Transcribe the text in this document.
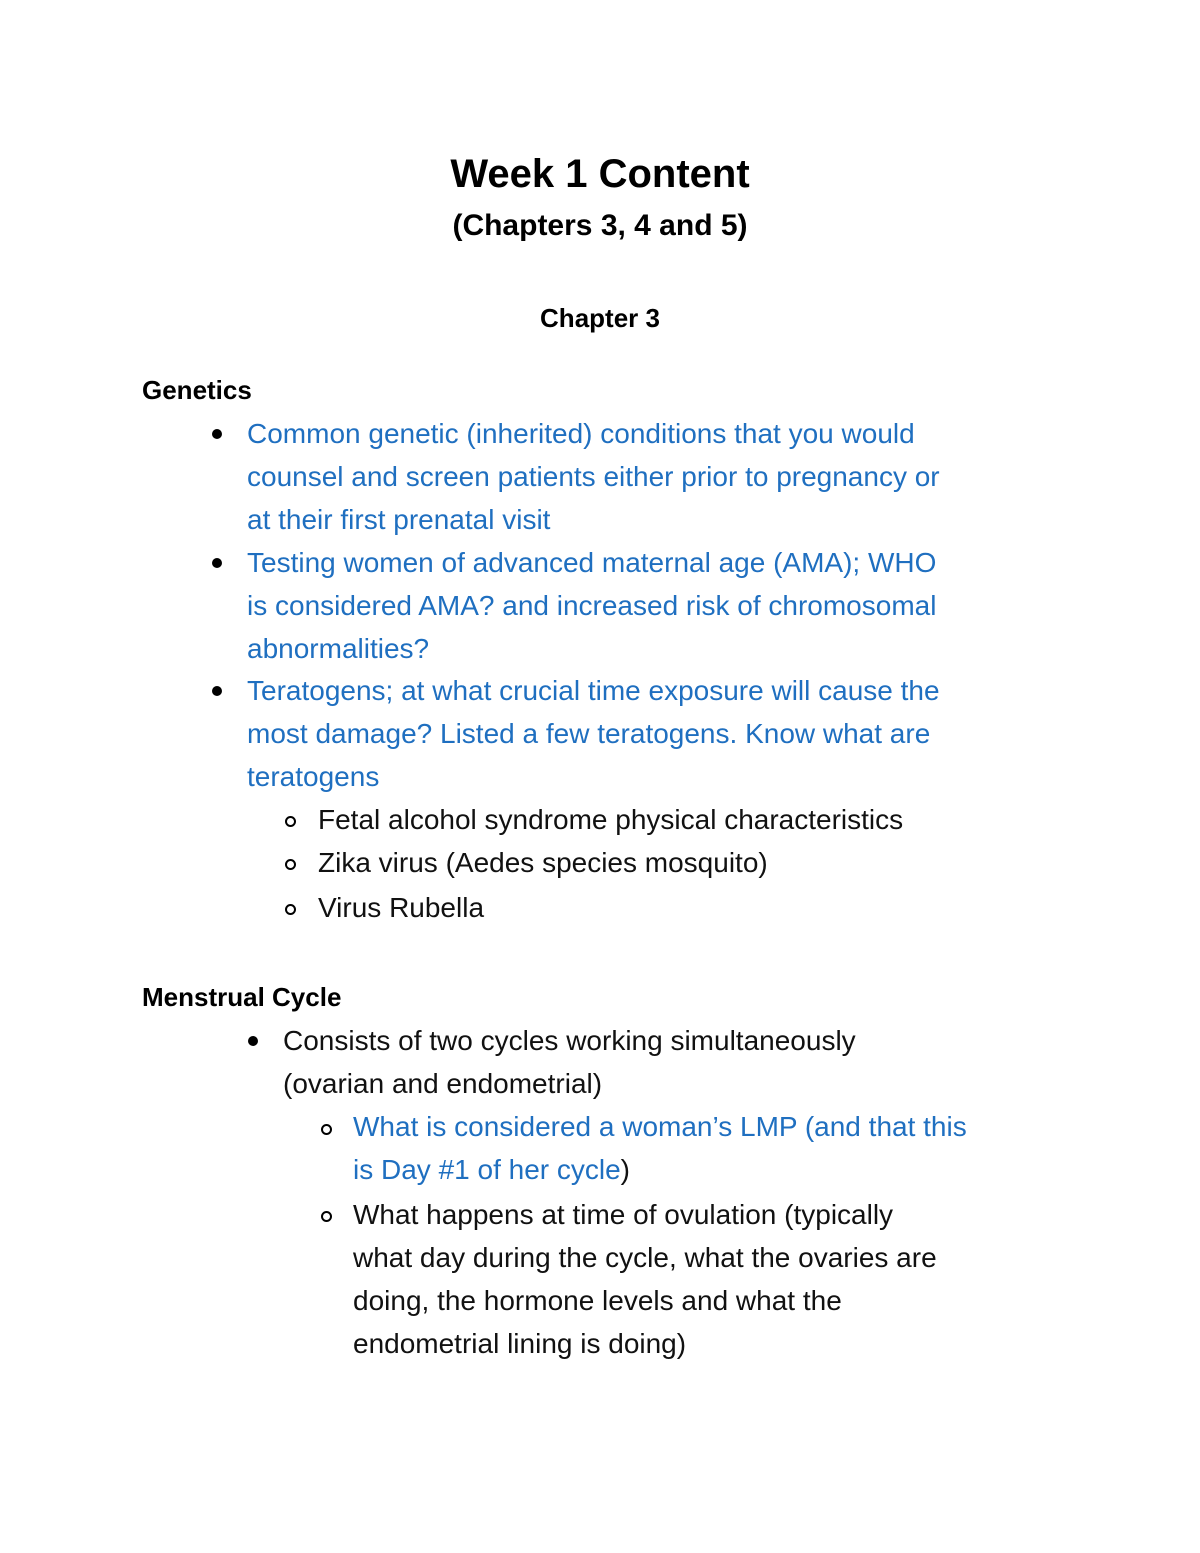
Week 1 Content
(Chapters 3, 4 and 5)
Chapter 3
Genetics
Common genetic (inherited) conditions that you would
counsel and screen patients either prior to pregnancy or
at their first prenatal visit
Testing women of advanced maternal age (AMA); WHO
is considered AMA? and increased risk of chromosomal
abnormalities?
Teratogens; at what crucial time exposure will cause the
most damage? Listed a few teratogens. Know what are
teratogens
Fetal alcohol syndrome physical characteristics
Zika virus (Aedes species mosquito)
Virus Rubella
Menstrual Cycle
Consists of two cycles working simultaneously
(ovarian and endometrial)
What is considered a woman’s LMP (and that this
is Day #1 of her cycle)
What happens at time of ovulation (typically
what day during the cycle, what the ovaries are
doing, the hormone levels and what the
endometrial lining is doing)
